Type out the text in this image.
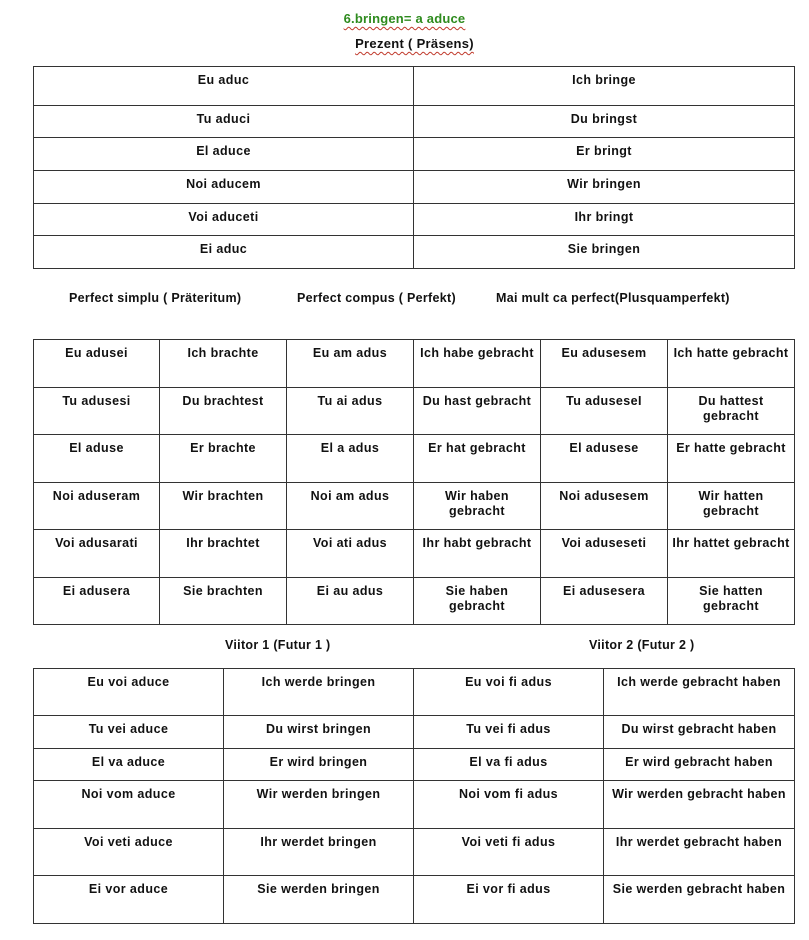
6.bringen= a aduce
Prezent ( Präsens)
Eu aduc	Ich bringe
Tu aduci	Du bringst
El aduce	Er bringt
Noi aducem	Wir bringen
Voi aduceti	Ihr bringt
Ei aduc	Sie bringen
Perfect simplu ( Präteritum)	Perfect compus ( Perfekt)	Mai mult ca perfect(Plusquamperfekt)
Eu adusei	Ich brachte	Eu am adus	Ich habe gebracht	Eu adusesem	Ich hatte gebracht
Tu adusesi	Du brachtest	Tu ai adus	Du hast gebracht	Tu aduseseI	Du hattest gebracht
El aduse	Er brachte	El a adus	Er hat gebracht	El adusese	Er hatte gebracht
Noi aduseram	Wir brachten	Noi am adus	Wir haben gebracht	Noi adusesem	Wir hatten gebracht
Voi adusarati	Ihr brachtet	Voi ati adus	Ihr habt gebracht	Voi aduseseti	Ihr hattet gebracht
Ei adusera	Sie brachten	Ei au adus	Sie haben gebracht	Ei adusesera	Sie hatten gebracht
Viitor 1 (Futur 1 )	Viitor 2 (Futur 2 )
Eu voi aduce	Ich werde bringen	Eu voi fi adus	Ich werde gebracht haben
Tu vei aduce	Du wirst bringen	Tu vei fi adus	Du wirst gebracht haben
El va aduce	Er wird bringen	El va fi adus	Er wird gebracht haben
Noi vom aduce	Wir werden bringen	Noi vom fi adus	Wir werden gebracht haben
Voi veti aduce	Ihr werdet bringen	Voi veti fi adus	Ihr werdet gebracht haben
Ei vor aduce	Sie werden bringen	Ei vor fi adus	Sie werden gebracht haben
